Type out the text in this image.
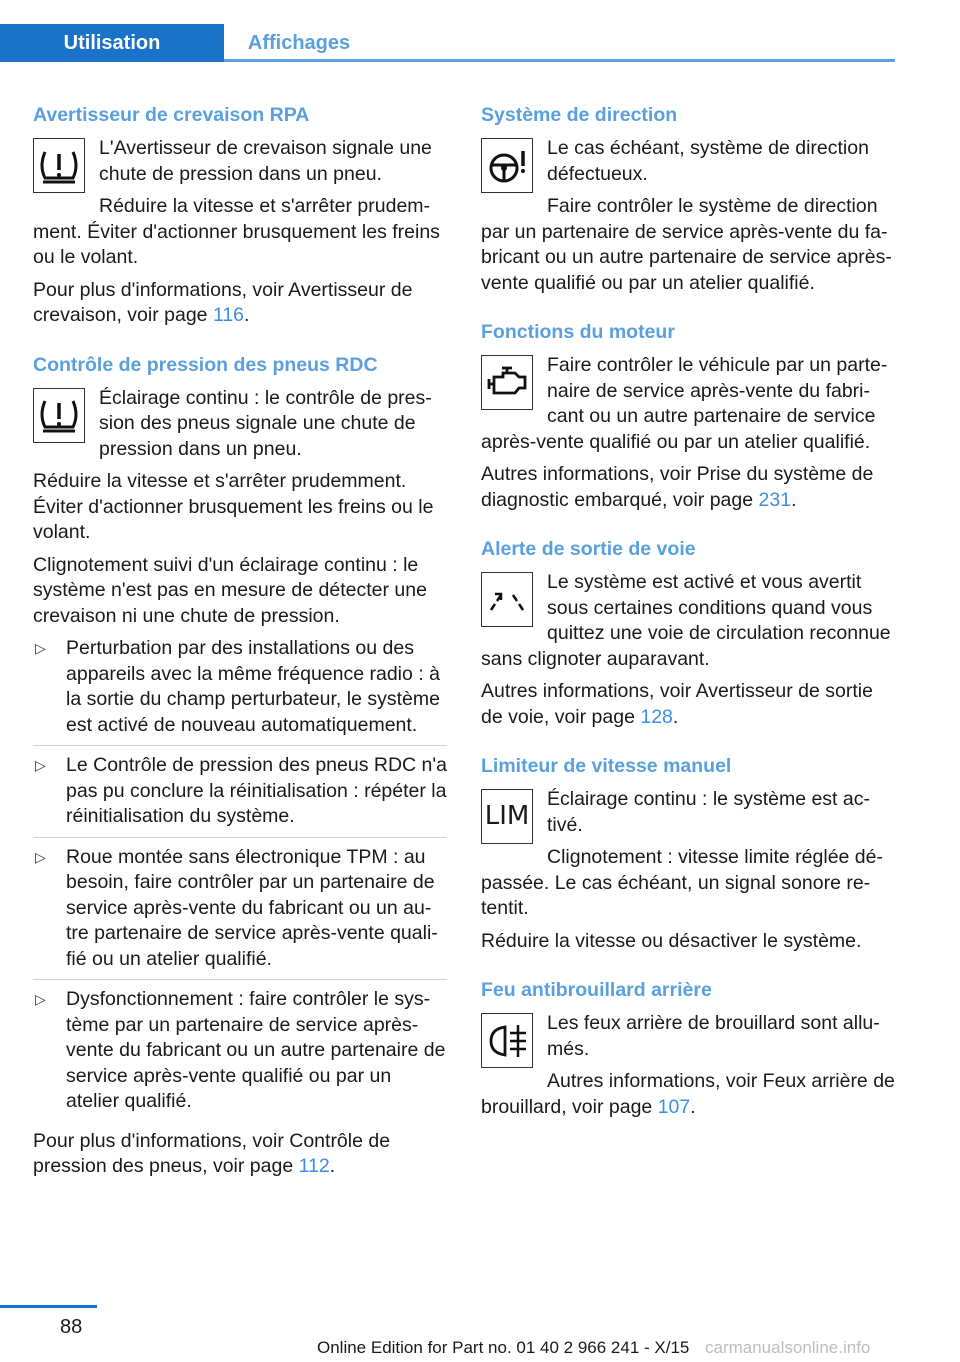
Utilisation	Affichages
Avertisseur de crevaison RPA

L'Avertisseur de crevaison signale une chute de pression dans un pneu.

Réduire la vitesse et s'arrêter prudemment. Éviter d'actionner brusquement les freins ou le volant.

Pour plus d'informations, voir Avertisseur de crevaison, voir page 116.

Contrôle de pression des pneus RDC

Éclairage continu : le contrôle de pression des pneus signale une chute de pression dans un pneu.

Réduire la vitesse et s'arrêter prudemment. Éviter d'actionner brusquement les freins ou le volant.

Clignotement suivi d'un éclairage continu : le système n'est pas en mesure de détecter une crevaison ni une chute de pression.

▷ Perturbation par des installations ou des appareils avec la même fréquence radio : à la sortie du champ perturbateur, le système est activé de nouveau automatiquement.
▷ Le Contrôle de pression des pneus RDC n'a pas pu conclure la réinitialisation : répéter la réinitialisation du système.
▷ Roue montée sans électronique TPM : au besoin, faire contrôler par un partenaire de service après-vente du fabricant ou un autre partenaire de service après-vente qualifié ou un atelier qualifié.
▷ Dysfonctionnement : faire contrôler le système par un partenaire de service après-vente du fabricant ou un autre partenaire de service après-vente qualifié ou par un atelier qualifié.

Pour plus d'informations, voir Contrôle de pression des pneus, voir page 112.

Système de direction

Le cas échéant, système de direction défectueux.

Faire contrôler le système de direction par un partenaire de service après-vente du fabricant ou un autre partenaire de service après-vente qualifié ou par un atelier qualifié.

Fonctions du moteur

Faire contrôler le véhicule par un partenaire de service après-vente du fabricant ou un autre partenaire de service après-vente qualifié ou par un atelier qualifié.

Autres informations, voir Prise du système de diagnostic embarqué, voir page 231.

Alerte de sortie de voie

Le système est activé et vous avertit sous certaines conditions quand vous quittez une voie de circulation reconnue sans clignoter auparavant.

Autres informations, voir Avertisseur de sortie de voie, voir page 128.

Limiteur de vitesse manuel
LIM

Éclairage continu : le système est activé.

Clignotement : vitesse limite réglée dépassée. Le cas échéant, un signal sonore retentit.

Réduire la vitesse ou désactiver le système.

Feu antibrouillard arrière

Les feux arrière de brouillard sont allumés.

Autres informations, voir Feux arrière de brouillard, voir page 107.

88
Online Edition for Part no. 01 40 2 966 241 - X/15 carmanualsonline.info
